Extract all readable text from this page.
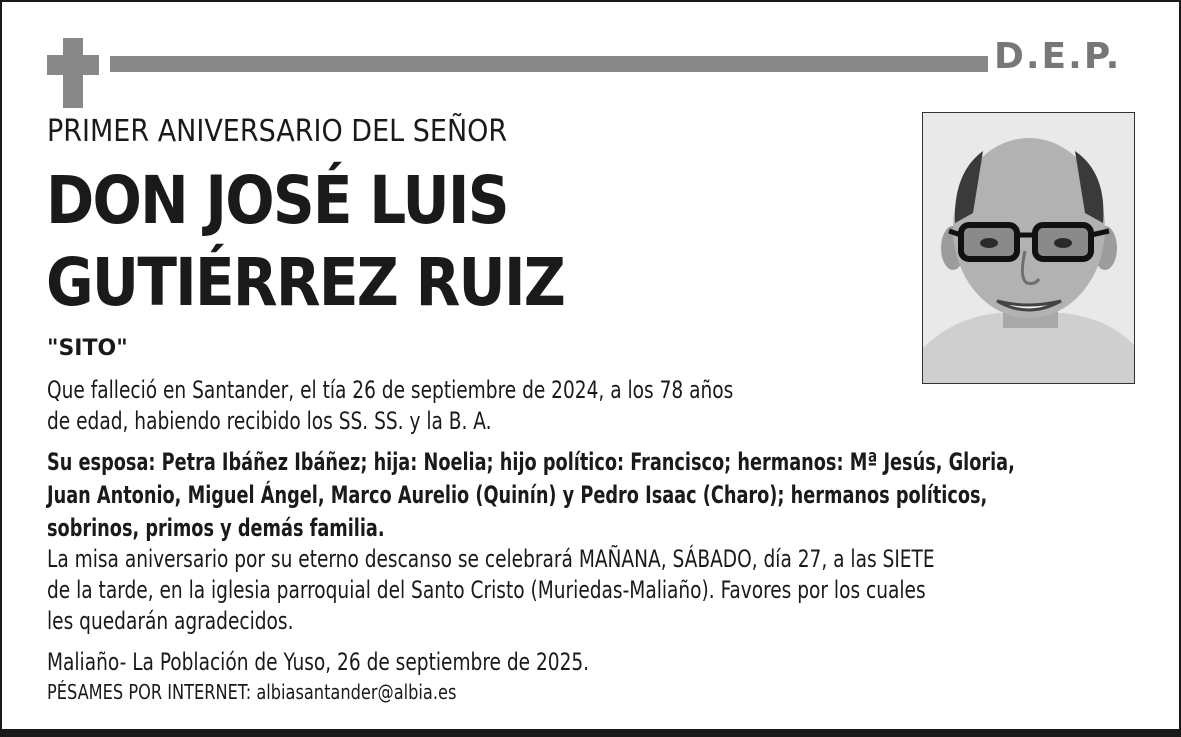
D.E.P.
PRIMER ANIVERSARIO DEL SEÑOR
DON JOSÉ LUIS
GUTIÉRREZ RUIZ
"SITO"
Que falleció en Santander, el tía 26 de septiembre de 2024, a los 78 años
de edad, habiendo recibido los SS. SS. y la B. A.
Su esposa: Petra Ibáñez Ibáñez; hija: Noelia; hijo político: Francisco; hermanos: Mª Jesús, Gloria,
Juan Antonio, Miguel Ángel, Marco Aurelio (Quinín) y Pedro Isaac (Charo); hermanos políticos,
sobrinos, primos y demás familia.
La misa aniversario por su eterno descanso se celebrará MAÑANA, SÁBADO, día 27, a las SIETE
de la tarde, en la iglesia parroquial del Santo Cristo (Muriedas-Maliaño). Favores por los cuales
les quedarán agradecidos.
Maliaño- La Población de Yuso, 26 de septiembre de 2025.
PÉSAMES POR INTERNET: albiasantander@albia.es
